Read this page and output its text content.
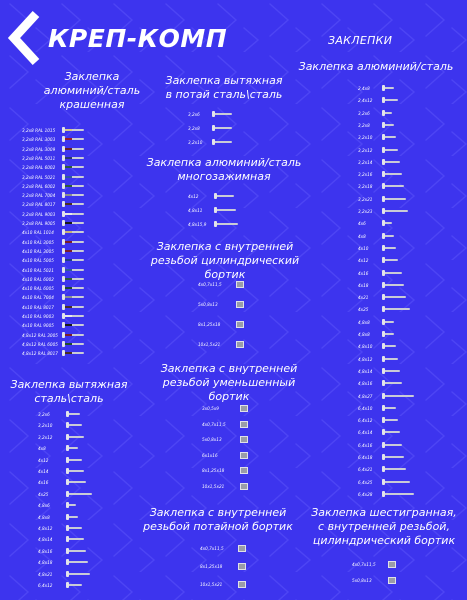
КРЕП-КОМП	ЗАКЛЕПКИ
Заклепка
алюминий/сталь
крашенная
Заклепка вытяжная
сталь\сталь
Заклепка вытяжная
в потай сталь\сталь
Заклепка алюминий/сталь
многозажимная
Заклепка с внутренней
резьбой цилиндрический бортик
Заклепка с внутренней
резьбой уменьшенный бортик
Заклепка с внутренней
резьбой потайной бортик
Заклепка алюминий/сталь
Заклепка шестигранная,
с внутренней резьбой,
цилиндрический бортик
3,2х8 RAL 1015
3,2х8 RAL 3003
3,2х8 RAL 3009
3,2х8 RAL 5011
3,2х8 RAL 6002
3,2х8 RAL 5021
3,2х8 RAL 6002
3,2х8 RAL 7004
3,2х8 RAL 8017
3,2х8 RAL 9003
3,2х8 RAL 9005
4х10 RAL 1014
4х10 RAL 3005
4х10 RAL 3005
4х10 RAL 5005
4х10 RAL 5021
4х10 RAL 6002
4х10 RAL 6005
4х10 RAL 7004
4х10 RAL 8017
4х10 RAL 9003
4х10 RAL 9005
4,8х12 RAL 3005
4,8х12 RAL 6005
4,8х12 RAL 8017
3,2х6
3,2х10
3,2х12
4х8
4х12
4х14
4х16
4х25
4,8х6
4,8х8
4,8х12
4,8х14
4,8х16
4,8х18
4,8х21
6,4х12
3,2х6
3,2х8
3,2х10
4х12
4,8х11
4,8х15,9
4х0,7х11,5
5х0,8х13
8х1,25х18
10х1,5х21
3х0,5х9
4х0,7х11,5
5х0,8х13
6х1х16
8х1,25х18
10х1,5х21
4х0,7х11,5
8х1,25х18
10х1,5х21
2,4х8
2,4х12
3,2х6
3,2х8
3,2х10
3,2х12
3,2х14
3,2х16
3,2х18
3,2х21
3,2х23
4х6
4х8
4х10
4х12
4х16
4х18
4х21
4х25
4,8х8
4,8х8
4,8х10
4,8х12
4,8х14
4,8х16
4,8х27
6,4х10
6,4х12
6,4х14
6,4х16
6,4х18
6,4х21
6,4х25
6,4х28
4х0,7х11,5
5х0,8х13
